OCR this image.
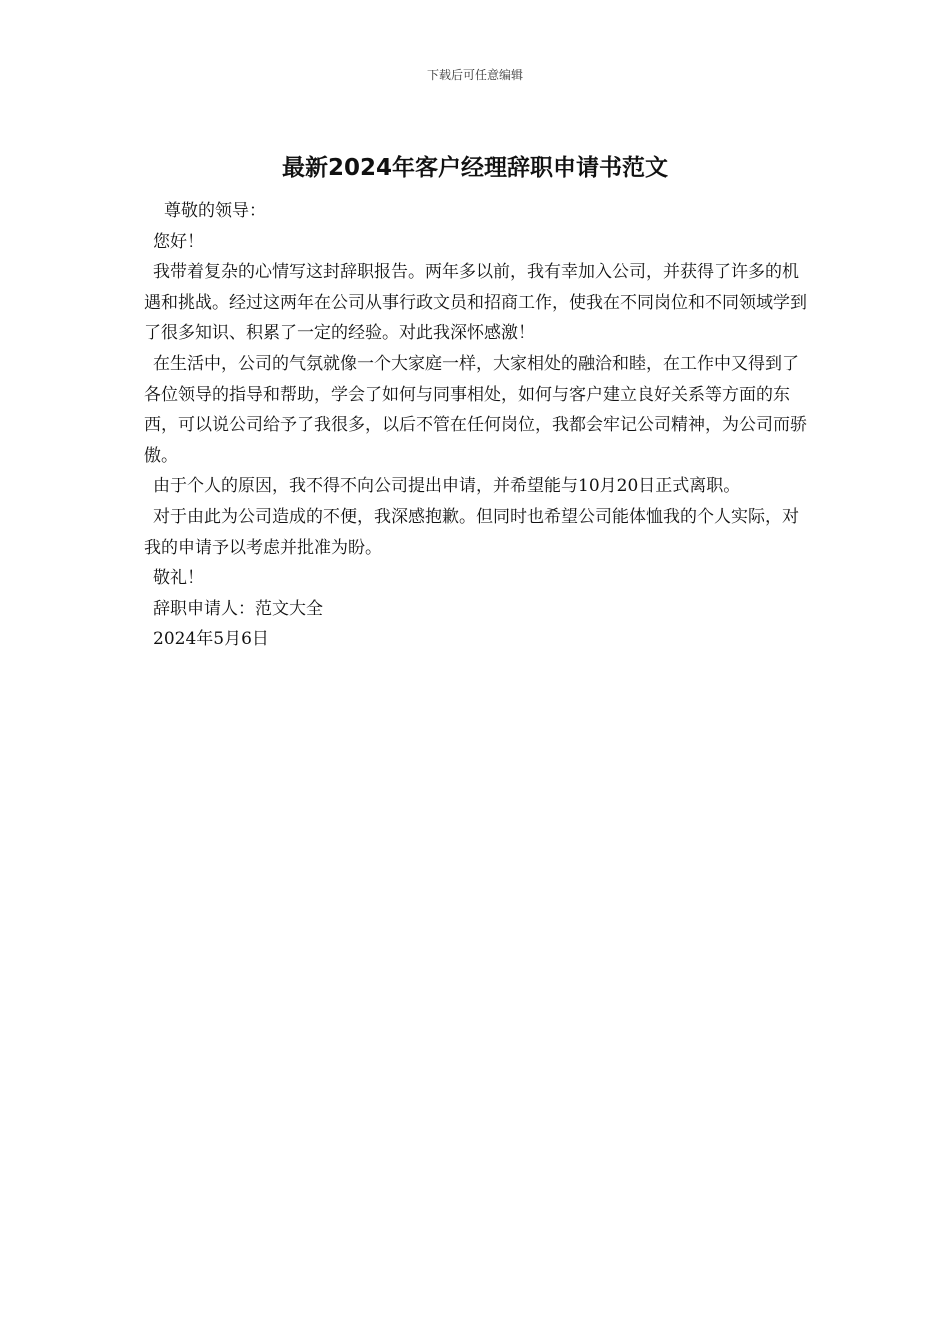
下载后可任意编辑
最新2024年客户经理辞职申请书范文

尊敬的领导：

您好！

我带着复杂的心情写这封辞职报告。两年多以前，我有幸加入公司，并获得了许多的机遇和挑战。经过这两年在公司从事行政文员和招商工作，使我在不同岗位和不同领域学到了很多知识、积累了一定的经验。对此我深怀感激！

在生活中，公司的气氛就像一个大家庭一样，大家相处的融洽和睦，在工作中又得到了各位领导的指导和帮助，学会了如何与同事相处，如何与客户建立良好关系等方面的东西，可以说公司给予了我很多，以后不管在任何岗位，我都会牢记公司精神，为公司而骄傲。

由于个人的原因，我不得不向公司提出申请，并希望能与10月20日正式离职。

对于由此为公司造成的不便，我深感抱歉。但同时也希望公司能体恤我的个人实际，对我的申请予以考虑并批准为盼。

敬礼！

辞职申请人：范文大全

2024年5月6日
